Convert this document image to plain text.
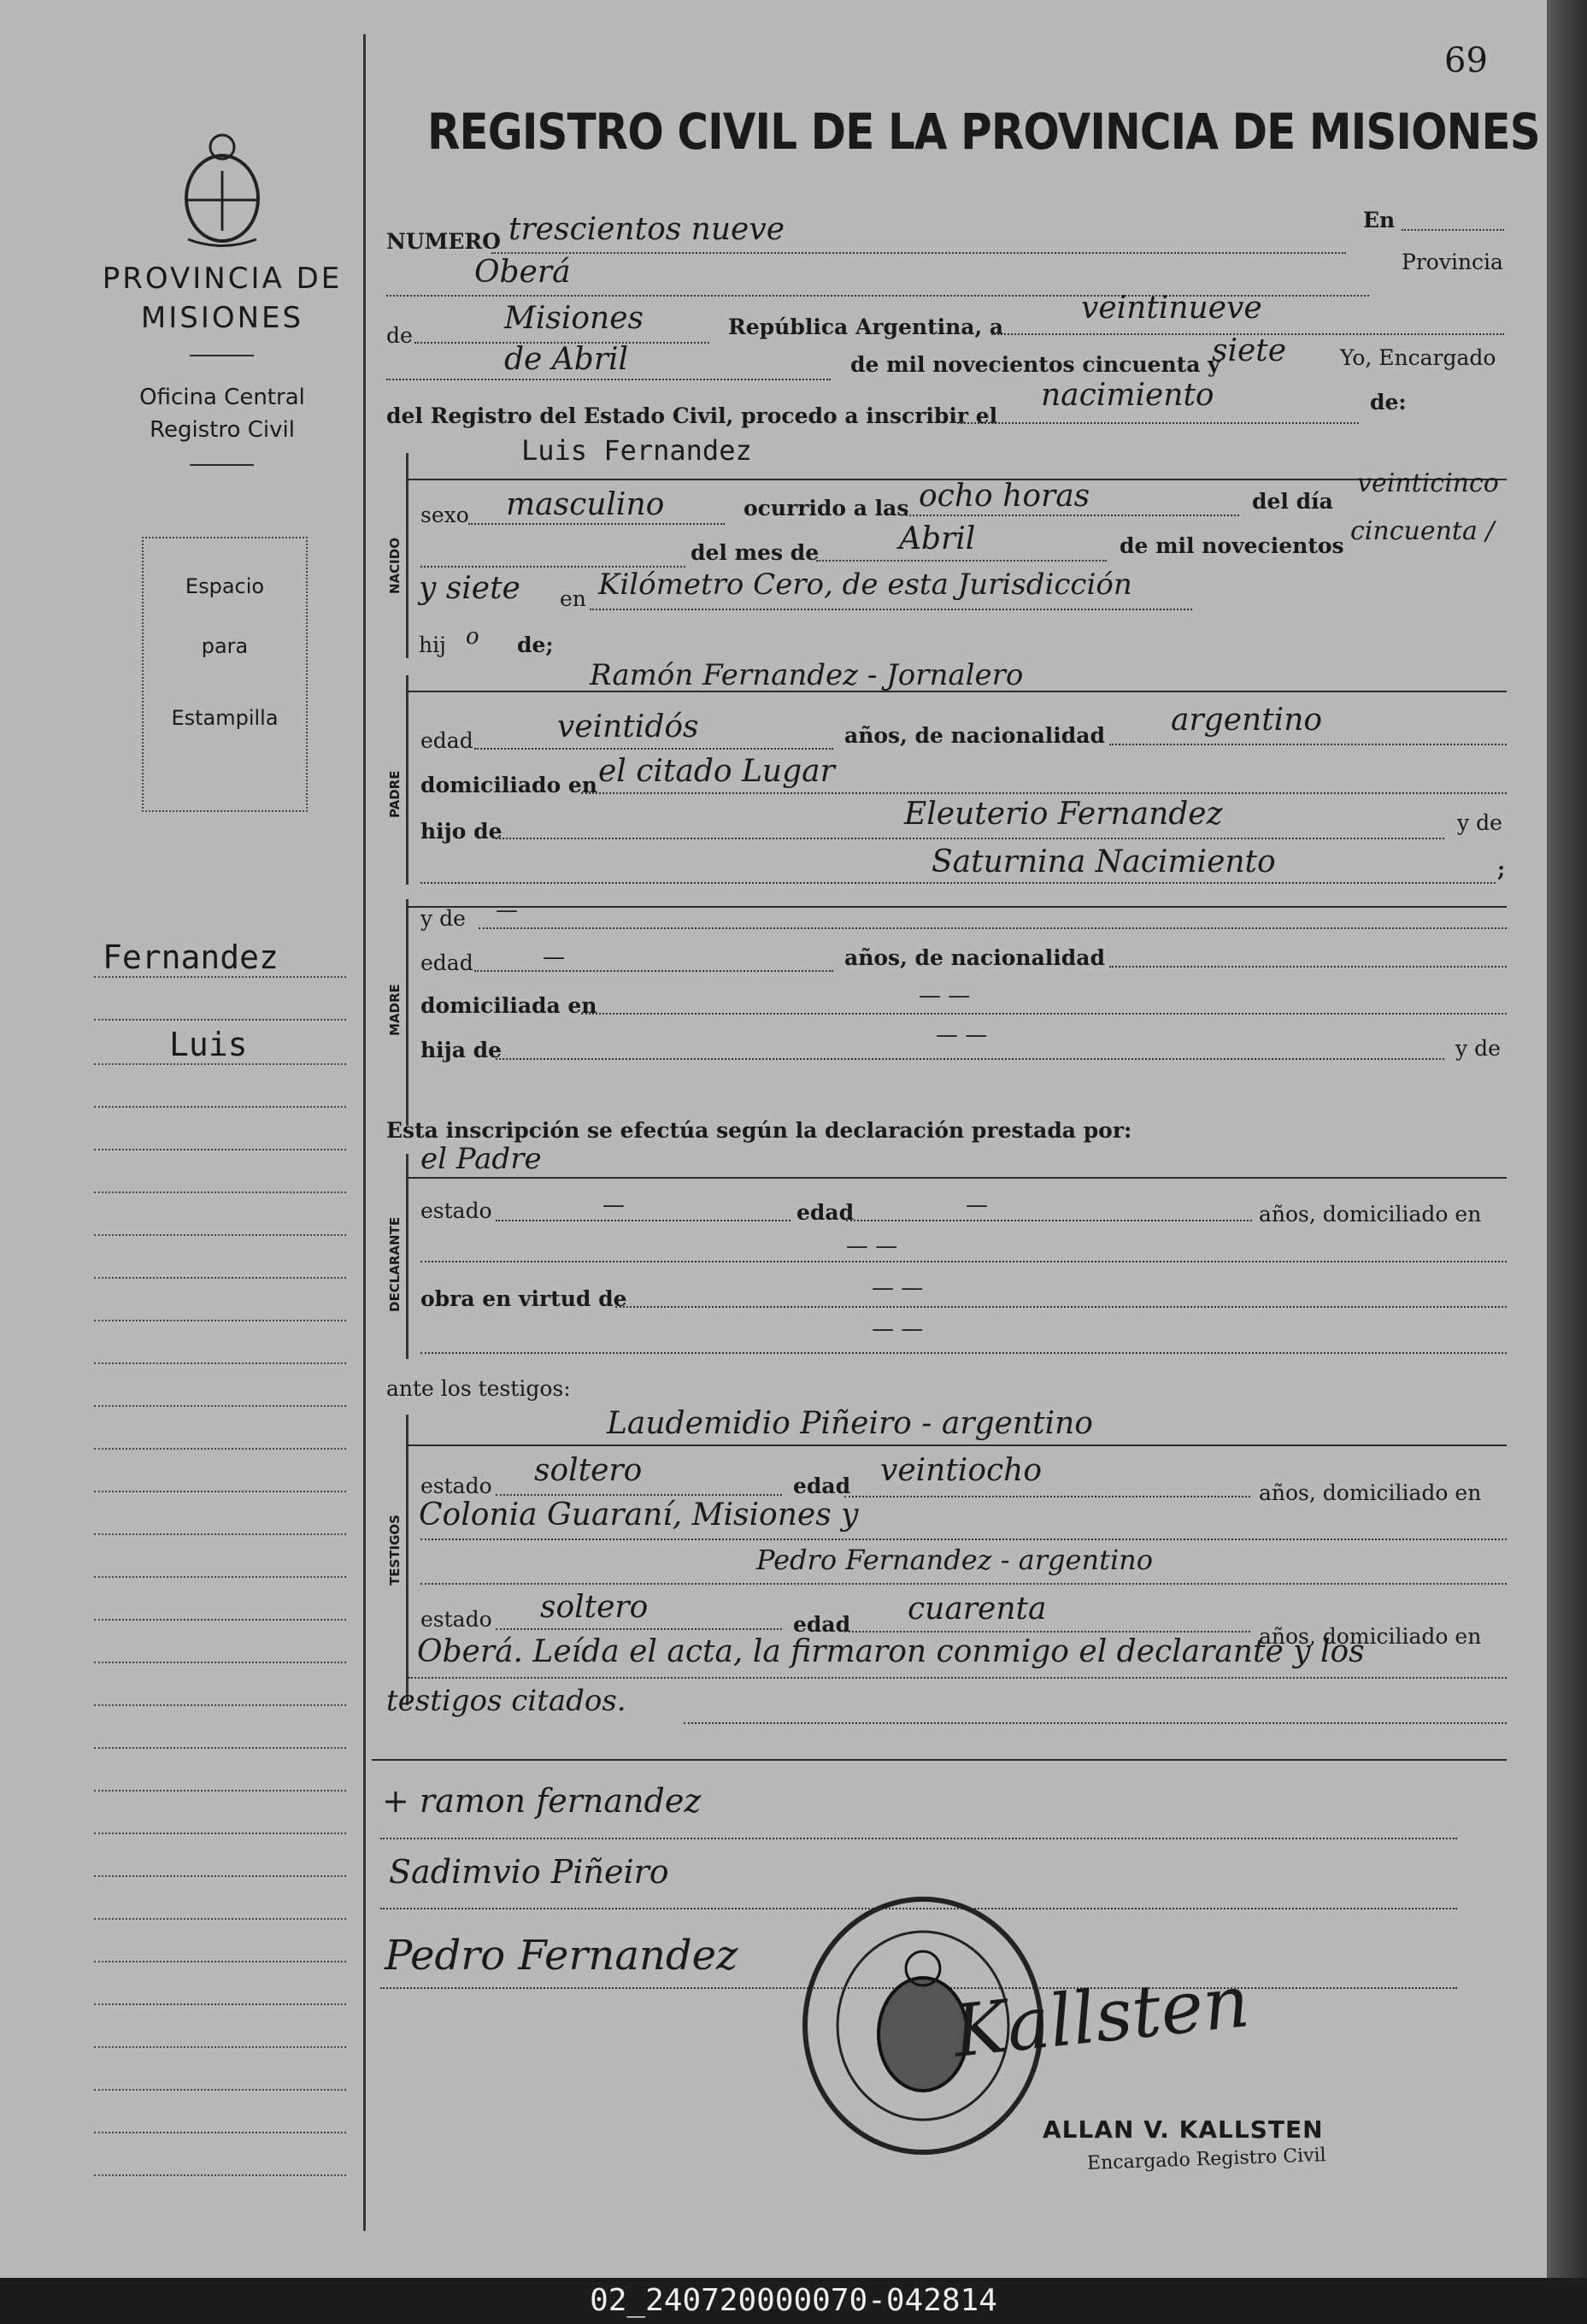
69
PROVINCIA DE
MISIONES
Oficina Central
Registro Civil
Espacio
para
Estampilla
Fernandez
Luis
REGISTRO CIVIL DE LA PROVINCIA DE MISIONES
NUMERO trescientos nueve	En
Oberá	Provincia
de	Misiones	República Argentina, a
veintinueve
de Abril	de mil novecientos cincuenta y
siete	Yo, Encargado
del Registro del Estado Civil, procedo a inscribir el
nacimiento	de:
NACIDO
Luis Fernandez
sexo masculino	ocurrido a las ocho horas	del día
veinticinco
del mes de	Abril	de mil novecientos cincuenta /
y siete en Kilómetro Cero, de esta Jurisdicción
hij o de;
PADRE
Ramón Fernandez - Jornalero
edad	veintidós	años, de nacionalidad argentino
domiciliado en el citado Lugar
hijo de	Eleuterio Fernandez	y de
Saturnina Nacimiento	;
MADRE
y de —
edad	—	años, de nacionalidad
domiciliada en	— —
hija de
— —
y de
Esta inscripción se efectúa según la declaración prestada por:
DECLARANTE
el Padre
estado	—	edad	—	años, domiciliado en
— —
obra en virtud de	— —
— —
ante los testigos:
TESTIGOS
Laudemidio Piñeiro - argentino
estado soltero	edad veintiocho
años, domiciliado en
Colonia Guaraní, Misiones y
Pedro Fernandez - argentino
estado soltero	edad cuarenta
años, domiciliado en
Oberá. Leída el acta, la firmaron conmigo el declarante y los
testigos citados.
+ ramon fernandez
Sadimvio Piñeiro
Pedro Fernandez
Kallsten
ALLAN V. KALLSTEN
Encargado Registro Civil
02_240720000070-042814
